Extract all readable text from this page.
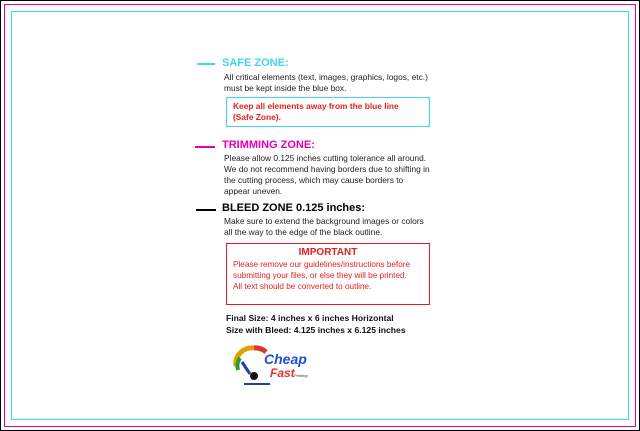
SAFE ZONE:
All critical elements (text, images, graphics, logos, etc.)
must be kept inside the blue box.
Keep all elements away from the blue line
(Safe Zone).
TRIMMING ZONE:
Please allow 0.125 inches cutting tolerance all around.
We do not recommend having borders due to shifting in
the cutting process, which may cause borders to
appear uneven.
BLEED ZONE 0.125 inches:
Make sure to extend the background images or colors
all the way to the edge of the black outline.
IMPORTANT
Please remove our guidelines/instructions before
submitting your files, or else they will be printed.
All text should be converted to outline.
Final Size: 4 inches x 6 inches Horizontal
Size with Bleed: 4.125 inches x 6.125 inches
Cheap
Fast Printing
